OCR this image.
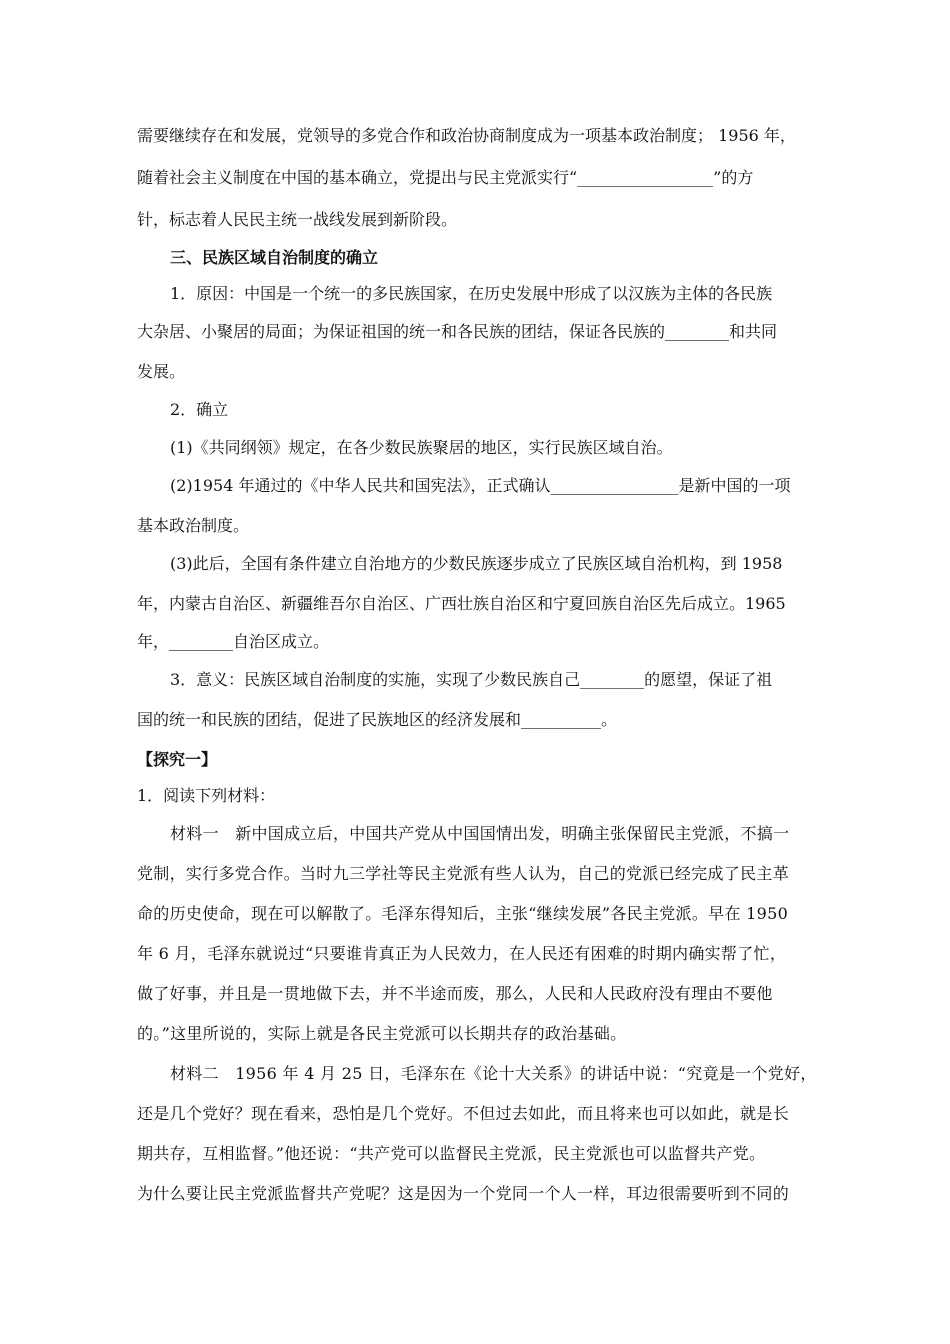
需要继续存在和发展，党领导的多党合作和政治协商制度成为一项基本政治制度； 1956 年，
随着社会主义制度在中国的基本确立，党提出与民主党派实行“_________________”的方
针，标志着人民民主统一战线发展到新阶段。
三、民族区域自治制度的确立
1．原因：中国是一个统一的多民族国家，在历史发展中形成了以汉族为主体的各民族
大杂居、小聚居的局面；为保证祖国的统一和各民族的团结，保证各民族的________和共同
发展。
2．确立
(1)《共同纲领》规定，在各少数民族聚居的地区，实行民族区域自治。
(2)1954 年通过的《中华人民共和国宪法》，正式确认________________是新中国的一项
基本政治制度。
(3)此后，全国有条件建立自治地方的少数民族逐步成立了民族区域自治机构，到 1958
年，内蒙古自治区、新疆维吾尔自治区、广西壮族自治区和宁夏回族自治区先后成立。1965
年，________自治区成立。
3．意义：民族区域自治制度的实施，实现了少数民族自己________的愿望，保证了祖
国的统一和民族的团结，促进了民族地区的经济发展和__________。
【探究一】
1．阅读下列材料：
材料一　新中国成立后，中国共产党从中国国情出发，明确主张保留民主党派，不搞一
党制，实行多党合作。当时九三学社等民主党派有些人认为，自己的党派已经完成了民主革
命的历史使命，现在可以解散了。毛泽东得知后，主张“继续发展”各民主党派。早在 1950
年 6 月，毛泽东就说过“只要谁肯真正为人民效力，在人民还有困难的时期内确实帮了忙，
做了好事，并且是一贯地做下去，并不半途而废，那么，人民和人民政府没有理由不要他
的。”这里所说的，实际上就是各民主党派可以长期共存的政治基础。
材料二　1956 年 4 月 25 日，毛泽东在《论十大关系》的讲话中说：“究竟是一个党好，
还是几个党好？现在看来，恐怕是几个党好。不但过去如此，而且将来也可以如此，就是长
期共存，互相监督。”他还说：“共产党可以监督民主党派，民主党派也可以监督共产党。
为什么要让民主党派监督共产党呢？这是因为一个党同一个人一样，耳边很需要听到不同的
